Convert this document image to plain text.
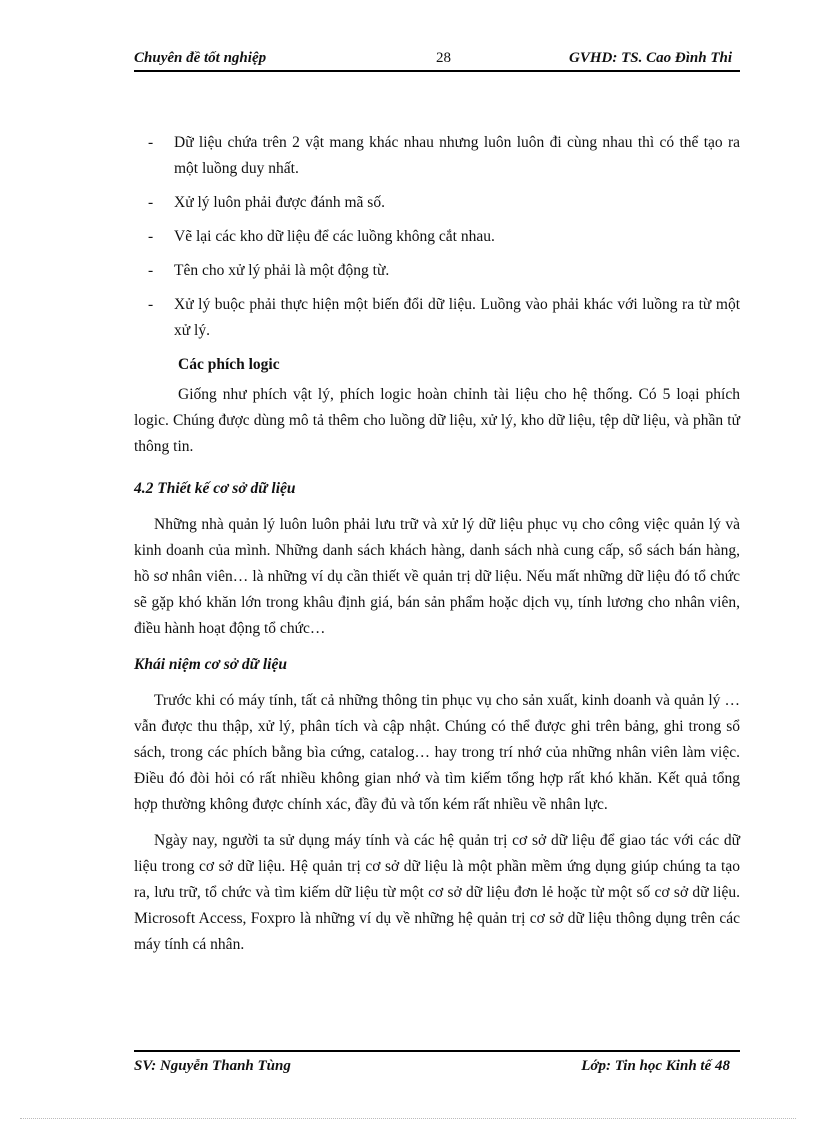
Chuyên đề tốt nghiệp	28	GVHD: TS. Cao Đình Thi
- Dữ liệu chứa trên 2 vật mang khác nhau nhưng luôn luôn đi cùng nhau thì có thể tạo ra một luồng duy nhất.
- Xử lý luôn phải được đánh mã số.
- Vẽ lại các kho dữ liệu để các luồng không cắt nhau.
- Tên cho xử lý phải là một động từ.
- Xử lý buộc phải thực hiện một biến đổi dữ liệu. Luồng vào phải khác với luồng ra từ một xử lý.
Các phích logic

Giống như phích vật lý, phích logic hoàn chỉnh tài liệu cho hệ thống. Có 5 loại phích logic. Chúng được dùng mô tả thêm cho luồng dữ liệu, xử lý, kho dữ liệu, tệp dữ liệu, và phần tử thông tin.

4.2 Thiết kế cơ sở dữ liệu

Những nhà quản lý luôn luôn phải lưu trữ và xử lý dữ liệu phục vụ cho công việc quản lý và kinh doanh của mình. Những danh sách khách hàng, danh sách nhà cung cấp, sổ sách bán hàng, hồ sơ nhân viên… là những ví dụ cần thiết về quản trị dữ liệu. Nếu mất những dữ liệu đó tổ chức sẽ gặp khó khăn lớn trong khâu định giá, bán sản phẩm hoặc dịch vụ, tính lương cho nhân viên, điều hành hoạt động tổ chức…

Khái niệm cơ sở dữ liệu

Trước khi có máy tính, tất cả những thông tin phục vụ cho sản xuất, kinh doanh và quản lý … vẫn được thu thập, xử lý, phân tích và cập nhật. Chúng có thể được ghi trên bảng, ghi trong sổ sách, trong các phích bằng bìa cứng, catalog… hay trong trí nhớ của những nhân viên làm việc. Điều đó đòi hỏi có rất nhiều không gian nhớ và tìm kiếm tổng hợp rất khó khăn. Kết quả tổng hợp thường không được chính xác, đầy đủ và tốn kém rất nhiều về nhân lực.

Ngày nay, người ta sử dụng máy tính và các hệ quản trị cơ sở dữ liệu để giao tác với các dữ liệu trong cơ sở dữ liệu. Hệ quản trị cơ sở dữ liệu là một phần mềm ứng dụng giúp chúng ta tạo ra, lưu trữ, tổ chức và tìm kiếm dữ liệu từ một cơ sở dữ liệu đơn lẻ hoặc từ một số cơ sở dữ liệu. Microsoft Access, Foxpro là những ví dụ về những hệ quản trị cơ sở dữ liệu thông dụng trên các máy tính cá nhân.

SV: Nguyễn Thanh Tùng	Lớp: Tin học Kinh tế 48
